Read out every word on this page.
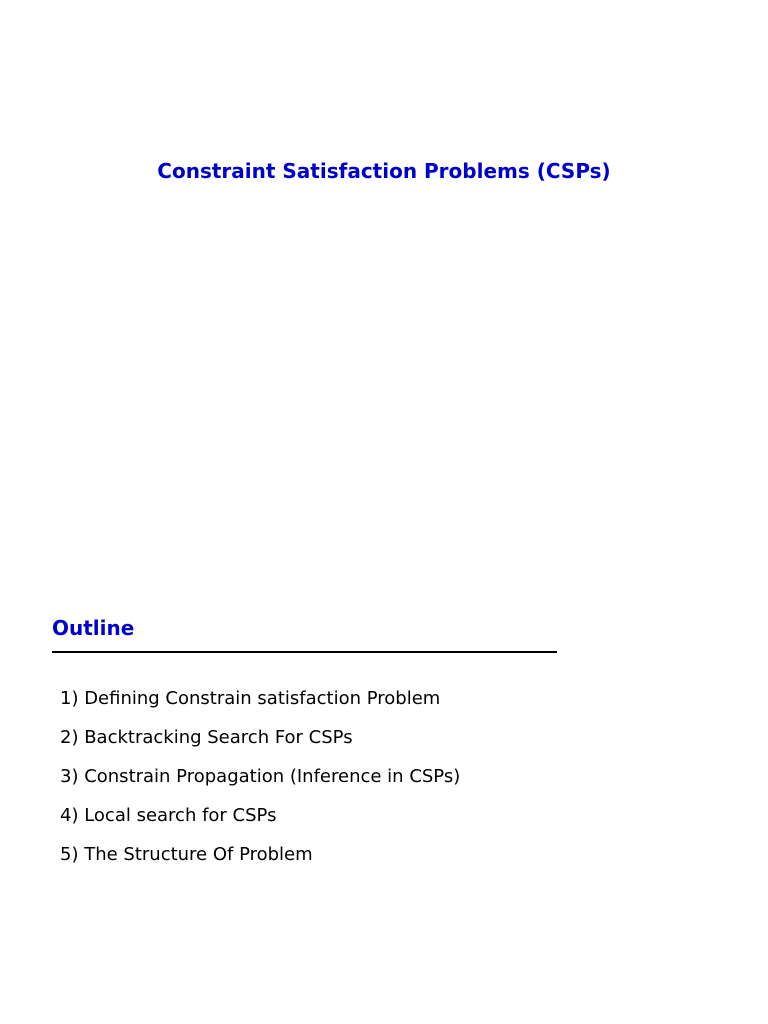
Constraint Satisfaction Problems (CSPs)
Outline
1) Defining Constrain satisfaction Problem
2) Backtracking Search For CSPs
3) Constrain Propagation (Inference in CSPs)
4) Local search for CSPs
5) The Structure Of Problem
